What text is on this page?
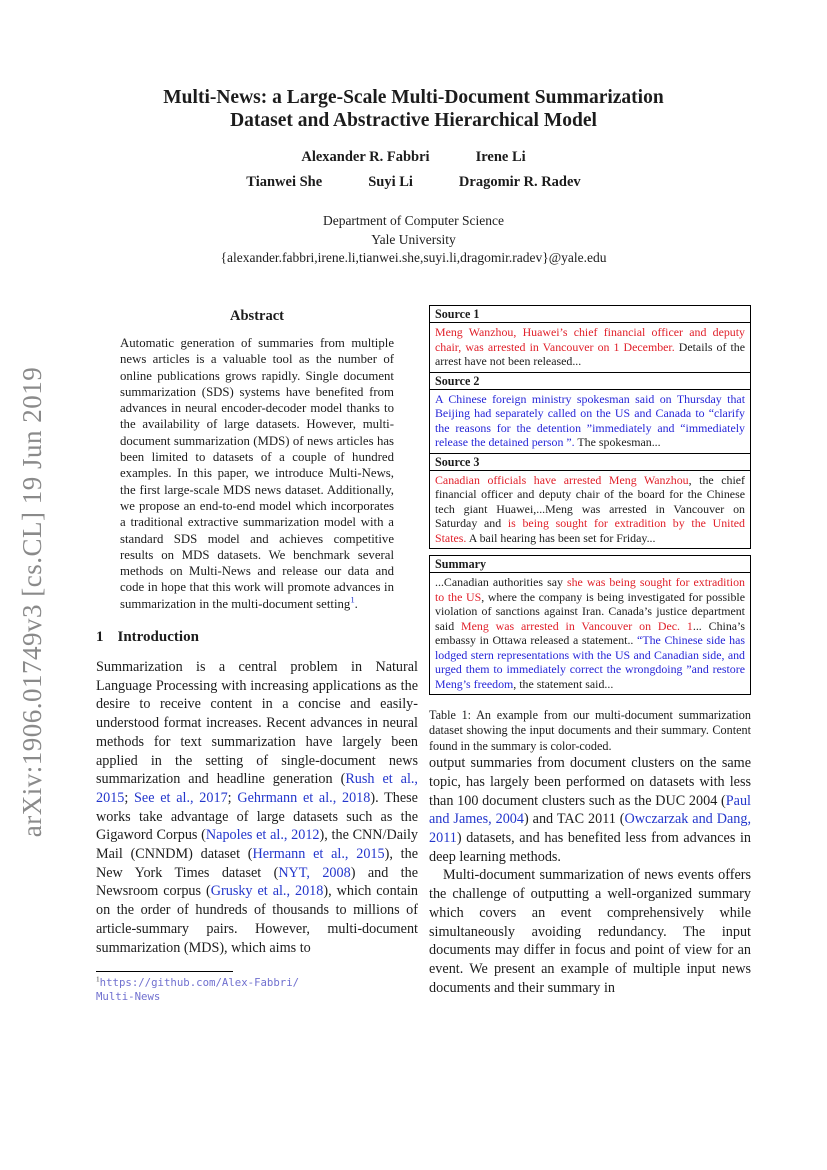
arXiv:1906.01749v3 [cs.CL] 19 Jun 2019
Multi-News: a Large-Scale Multi-Document Summarization
Dataset and Abstractive Hierarchical Model
Alexander R. Fabbri	Irene Li
Tianwei She	Suyi Li	Dragomir R. Radev
Department of Computer Science
Yale University
{alexander.fabbri,irene.li,tianwei.she,suyi.li,dragomir.radev}@yale.edu
Abstract
Automatic generation of summaries from multiple news articles is a valuable tool as the number of online publications grows rapidly. Single document summarization (SDS) systems have benefited from advances in neural encoder-decoder model thanks to the availability of large datasets. However, multi-document summarization (MDS) of news articles has been limited to datasets of a couple of hundred examples. In this paper, we introduce Multi-News, the first large-scale MDS news dataset. Additionally, we propose an end-to-end model which incorporates a traditional extractive summarization model with a standard SDS model and achieves competitive results on MDS datasets. We benchmark several methods on Multi-News and release our data and code in hope that this work will promote advances in summarization in the multi-document setting$^1$.
1 Introduction
Summarization is a central problem in Natural Language Processing with increasing applications as the desire to receive content in a concise and easily-understood format increases. Recent advances in neural methods for text summarization have largely been applied in the setting of single-document news summarization and headline generation (Rush et al., 2015; See et al., 2017; Gehrmann et al., 2018). These works take advantage of large datasets such as the Gigaword Corpus (Napoles et al., 2012), the CNN/Daily Mail (CNNDM) dataset (Hermann et al., 2015), the New York Times dataset (NYT, 2008) and the Newsroom corpus (Grusky et al., 2018), which contain on the order of hundreds of thousands to millions of article-summary pairs. However, multi-document summarization (MDS), which aims to
$^1$https://github.com/Alex-Fabbri/
Multi-News
Source 1
Meng Wanzhou, Huawei’s chief financial officer and deputy chair, was arrested in Vancouver on 1 December. Details of the arrest have not been released...
Source 2
A Chinese foreign ministry spokesman said on Thursday that Beijing had separately called on the US and Canada to “clarify the reasons for the detention ”immediately and “immediately release the detained person ”. The spokesman...
Source 3
Canadian officials have arrested Meng Wanzhou, the chief financial officer and deputy chair of the board for the Chinese tech giant Huawei,...Meng was arrested in Vancouver on Saturday and is being sought for extradition by the United States. A bail hearing has been set for Friday...
Summary
...Canadian authorities say she was being sought for extradition to the US, where the company is being investigated for possible violation of sanctions against Iran. Canada’s justice department said Meng was arrested in Vancouver on Dec. 1... China’s embassy in Ottawa released a statement.. “The Chinese side has lodged stern representations with the US and Canadian side, and urged them to immediately correct the wrongdoing ”and restore Meng’s freedom, the statement said...
Table 1: An example from our multi-document summarization dataset showing the input documents and their summary. Content found in the summary is color-coded.
output summaries from document clusters on the same topic, has largely been performed on datasets with less than 100 document clusters such as the DUC 2004 (Paul and James, 2004) and TAC 2011 (Owczarzak and Dang, 2011) datasets, and has benefited less from advances in deep learning methods.
Multi-document summarization of news events offers the challenge of outputting a well-organized summary which covers an event comprehensively while simultaneously avoiding redundancy. The input documents may differ in focus and point of view for an event. We present an example of multiple input news documents and their summary in
